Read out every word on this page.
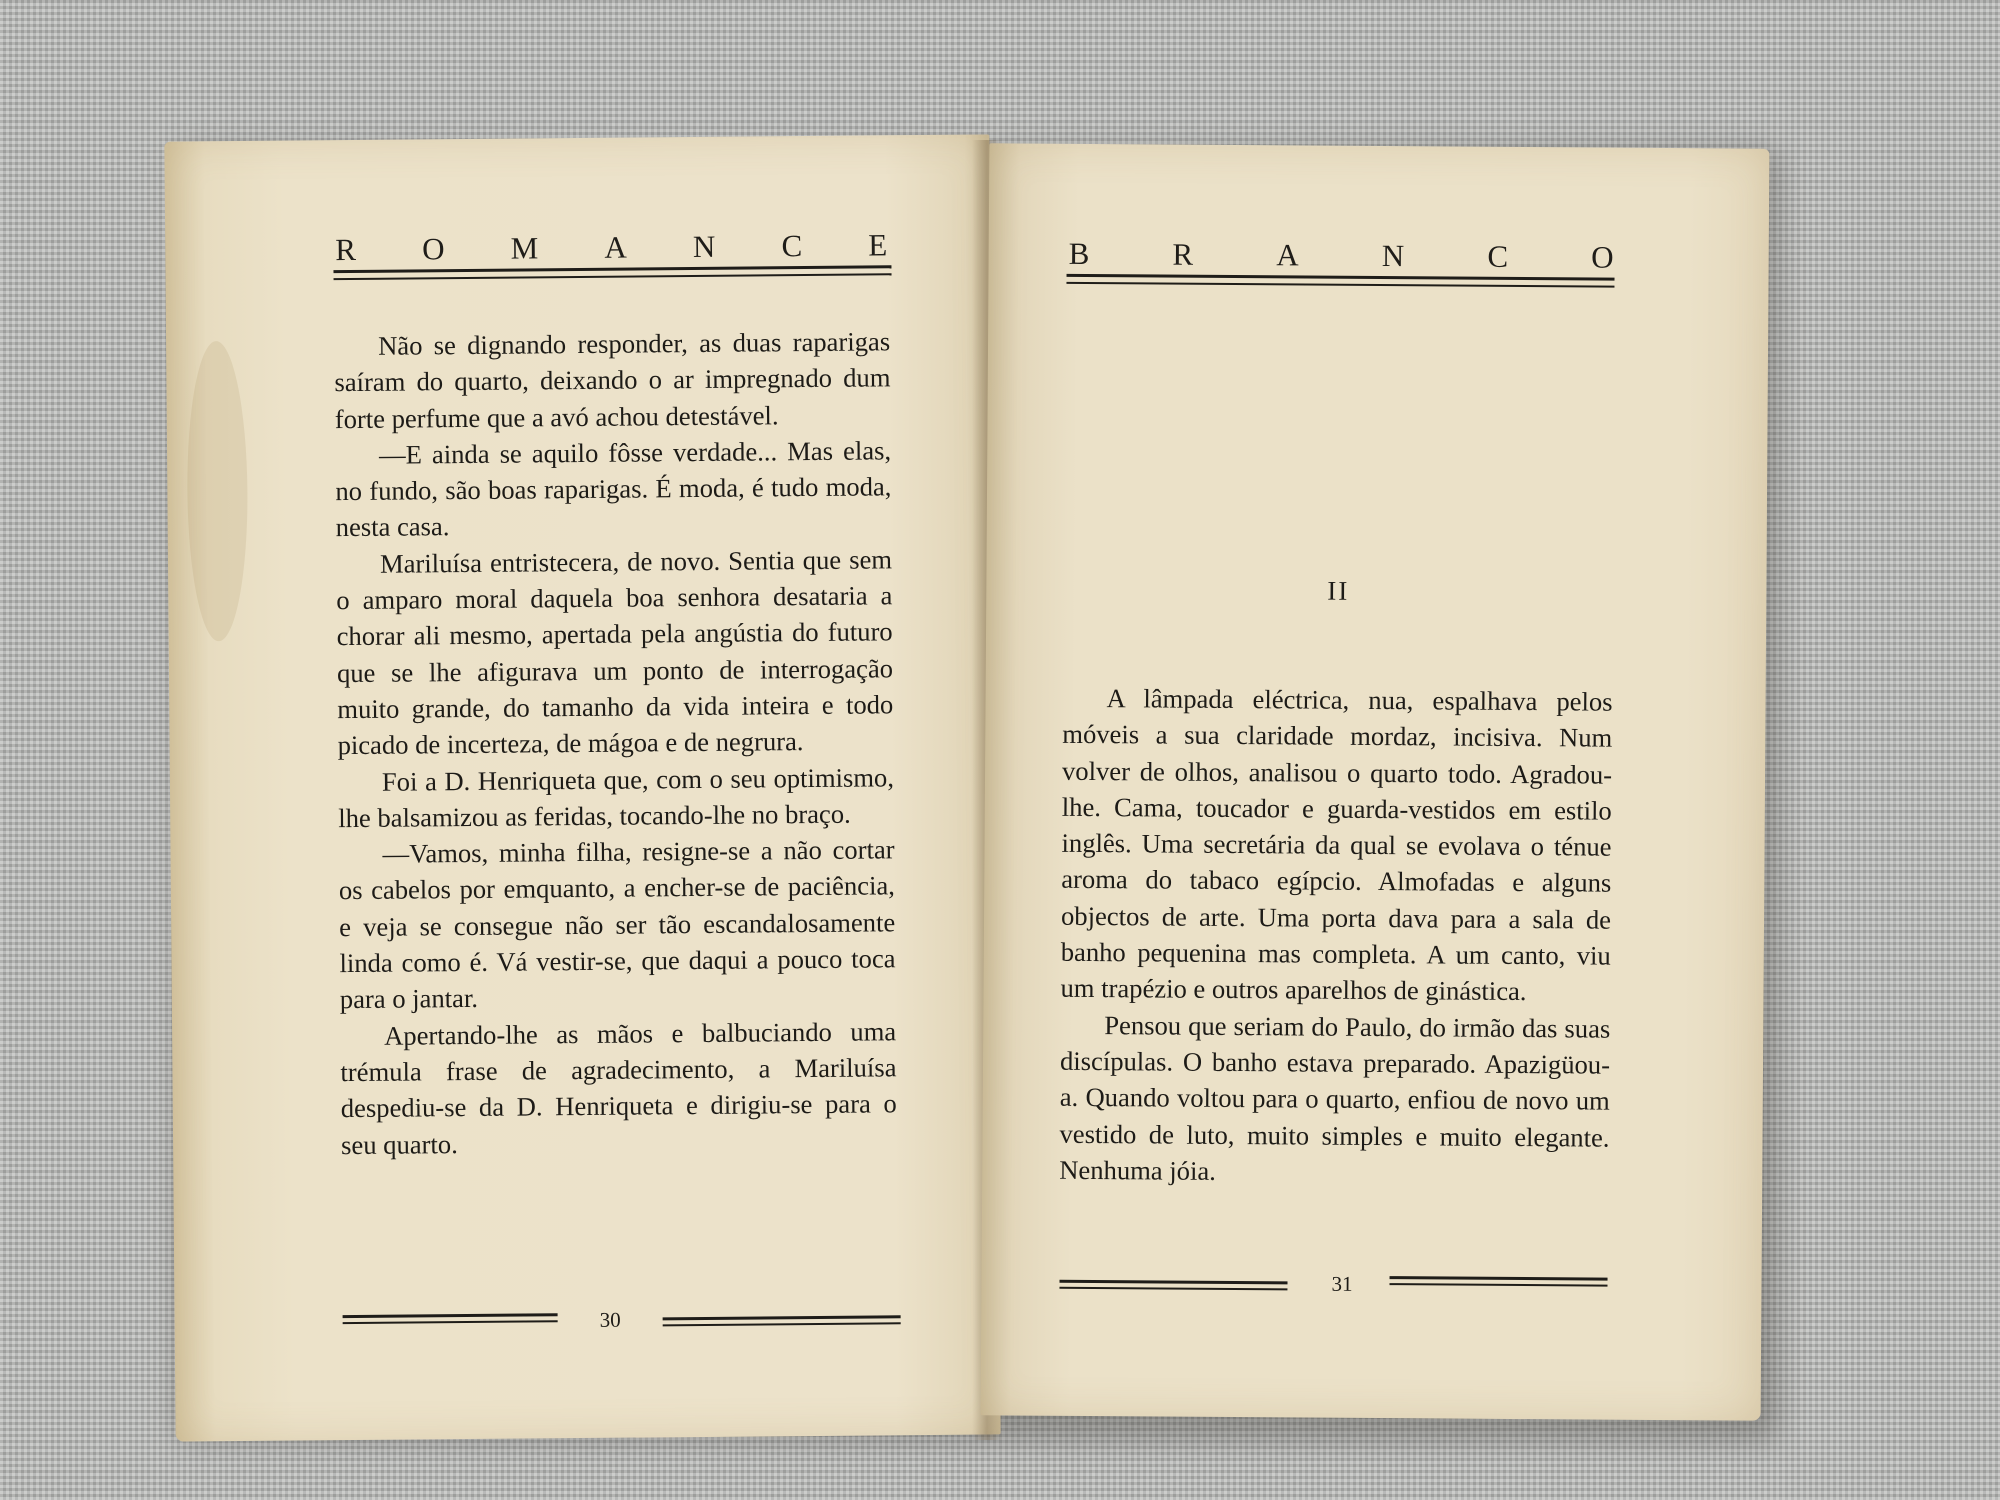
R O M A N C E

Não se dignando responder, as duas raparigas saíram do quarto, deixando o ar impregnado dum forte perfume que a avó achou detestável.

—E ainda se aquilo fôsse verdade... Mas elas, no fundo, são boas raparigas. É moda, é tudo moda, nesta casa.

Mariluísa entristecera, de novo. Sentia que sem o amparo moral daquela boa senhora desataria a chorar ali mesmo, apertada pela angústia do futuro que se lhe afigurava um ponto de interrogação muito grande, do tamanho da vida inteira e todo picado de incerteza, de mágoa e de negrura.

Foi a D. Henriqueta que, com o seu optimismo, lhe balsamizou as feridas, tocando-lhe no braço.

—Vamos, minha filha, resigne-se a não cortar os cabelos por emquanto, a encher-se de paciência, e veja se consegue não ser tão escandalosamente linda como é. Vá vestir-se, que daqui a pouco toca para o jantar.

Apertando-lhe as mãos e balbuciando uma trémula frase de agradecimento, a Mariluísa despediu-se da D. Henriqueta e dirigiu-se para o seu quarto.

30
B	R	A	N	C	O
II

A lâmpada eléctrica, nua, espalhava pelos móveis a sua claridade mordaz, incisiva. Num volver de olhos, analisou o quarto todo. Agradou-lhe. Cama, toucador e guarda-vestidos em estilo inglês. Uma secretária da qual se evolava o ténue aroma do tabaco egípcio. Almofadas e alguns objectos de arte. Uma porta dava para a sala de banho pequenina mas completa. A um canto, viu um trapézio e outros aparelhos de ginástica.

Pensou que seriam do Paulo, do irmão das suas discípulas. O banho estava preparado. Apazigüou-a. Quando voltou para o quarto, enfiou de novo um vestido de luto, muito simples e muito elegante. Nenhuma jóia.

31
